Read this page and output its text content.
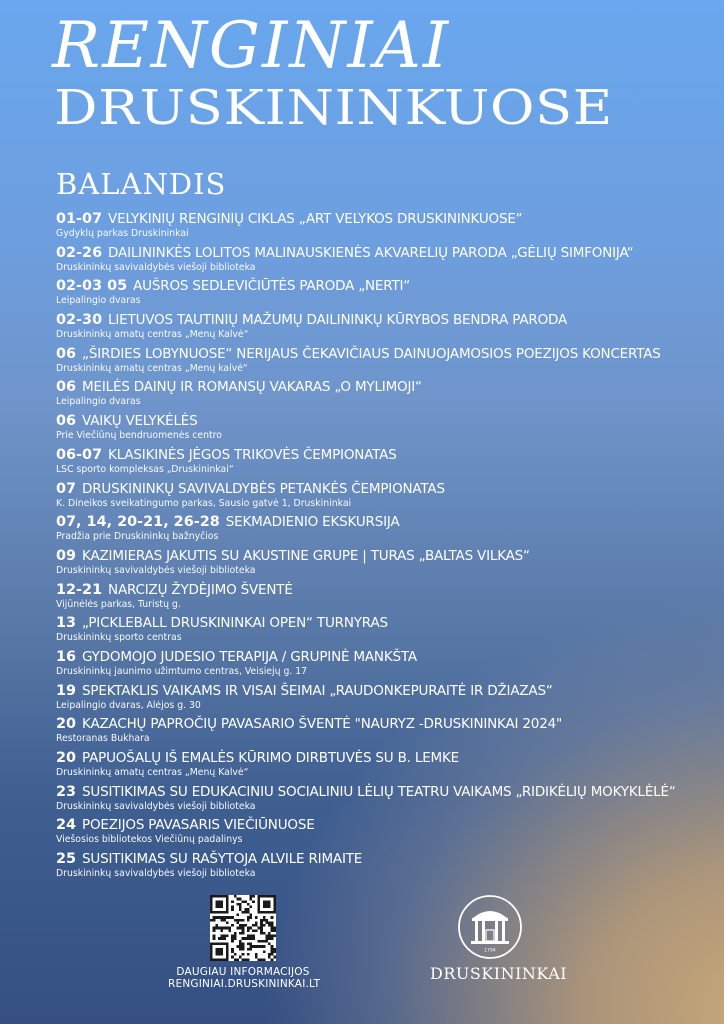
RENGINIAI
DRUSKININKUOSE
BALANDIS
01-07 VELYKINIŲ RENGINIŲ CIKLAS „ART VELYKOS DRUSKININKUOSE“
Gydyklų parkas Druskininkai
02-26 DAILININKĖS LOLITOS MALINAUSKIENĖS AKVARELIŲ PARODA „GĖLIŲ SIMFONIJA“
Druskininkų savivaldybės viešoji biblioteka
02-03 05 AUŠROS SEDLEVIČIŪTĖS PARODA „NERTI“
Leipalingio dvaras
02-30 LIETUVOS TAUTINIŲ MAŽUMŲ DAILININKŲ KŪRYBOS BENDRA PARODA
Druskininkų amatų centras „Menų Kalvė“
06 „ŠIRDIES LOBYNUOSE“ NERIJAUS ČEKAVIČIAUS DAINUOJAMOSIOS POEZIJOS KONCERTAS
Druskininkų amatų centras „Menų kalvė“
06 MEILĖS DAINŲ IR ROMANSŲ VAKARAS „O MYLIMOJI“
Leipalingio dvaras
06 VAIKŲ VELYKĖLĖS
Prie Viečiūnų bendruomenės centro
06-07 KLASIKINĖS JĖGOS TRIKOVĖS ČEMPIONATAS
LSC sporto kompleksas „Druskininkai“
07 DRUSKININKŲ SAVIVALDYBĖS PETANKĖS ČEMPIONATAS
K. Dineikos sveikatingumo parkas, Sausio gatvė 1, Druskininkai
07, 14, 20-21, 26-28 SEKMADIENIO EKSKURSIJA
Pradžia prie Druskininkų bažnyčios
09 KAZIMIERAS JAKUTIS SU AKUSTINE GRUPE | TURAS „BALTAS VILKAS“
Druskininkų savivaldybės viešoji biblioteka
12-21 NARCIZŲ ŽYDĖJIMO ŠVENTĖ
Vijūnėlės parkas, Turistų g.
13 „PICKLEBALL DRUSKININKAI OPEN“ TURNYRAS
Druskininkų sporto centras
16 GYDOMOJO JUDESIO TERAPIJA / GRUPINĖ MANKŠTA
Druskininkų jaunimo užimtumo centras, Veisiejų g. 17
19 SPEKTAKLIS VAIKAMS IR VISAI ŠEIMAI „RAUDONKEPURAITĖ IR DŽIAZAS“
Leipalingio dvaras, Alėjos g. 30
20 KAZACHŲ PAPROČIŲ PAVASARIO ŠVENTĖ "NAURYZ -DRUSKININKAI 2024"
Restoranas Bukhara
20 PAPUOŠALŲ IŠ EMALĖS KŪRIMO DIRBTUVĖS SU B. LEMKE
Druskininkų amatų centras „Menų Kalvė“
23 SUSITIKIMAS SU EDUKACINIU SOCIALINIU LĖLIŲ TEATRU VAIKAMS „RIDIKĖLIŲ MOKYKLĖLĖ“
Druskininkų savivaldybės viešoji biblioteka
24 POEZIJOS PAVASARIS VIEČIŪNUOSE
Viešosios bibliotekos Viečiūnų padalinys
25 SUSITIKIMAS SU RAŠYTOJA ALVILE RIMAITE
Druskininkų savivaldybės viešoji biblioteka
DAUGIAU INFORMACIJOS
RENGINIAI.DRUSKININKAI.LT
1794
DRUSKININKAI
